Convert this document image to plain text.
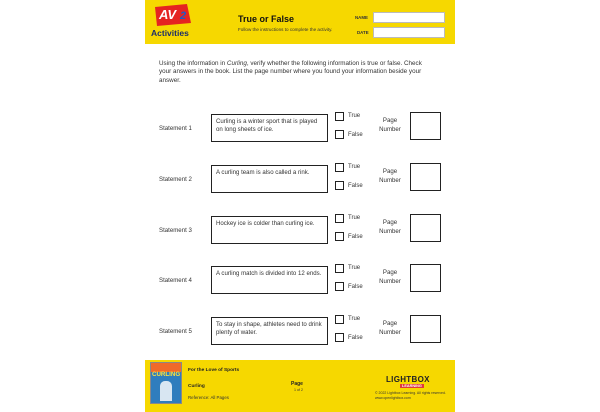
AV 2
Activities
True or False
Follow the instructions to complete the activity.
NAME
DATE
Using the information in Curling, verify whether the following information is true or false. Check your answers in the book. List the page number where you found your information beside your answer.
Statement 1
Curling is a winter sport that is played on long sheets of ice.
True
False
Page Number
Statement 2
A curling team is also called a rink.
True
False
Page Number
Statement 3
Hockey ice is colder than curling ice.
True
False
Page Number
Statement 4
A curling match is divided into 12 ends.
True
False
Page Number
Statement 5
To stay in shape, athletes need to drink plenty of water.
True
False
Page Number
CURLING
For the Love of Sports
Curling
Reference: All Pages
Page
1 of 2
LIGHTBOX
LEARNING
© 2022 Lightbox Learning. All rights reserved.
www.openlightbox.com
